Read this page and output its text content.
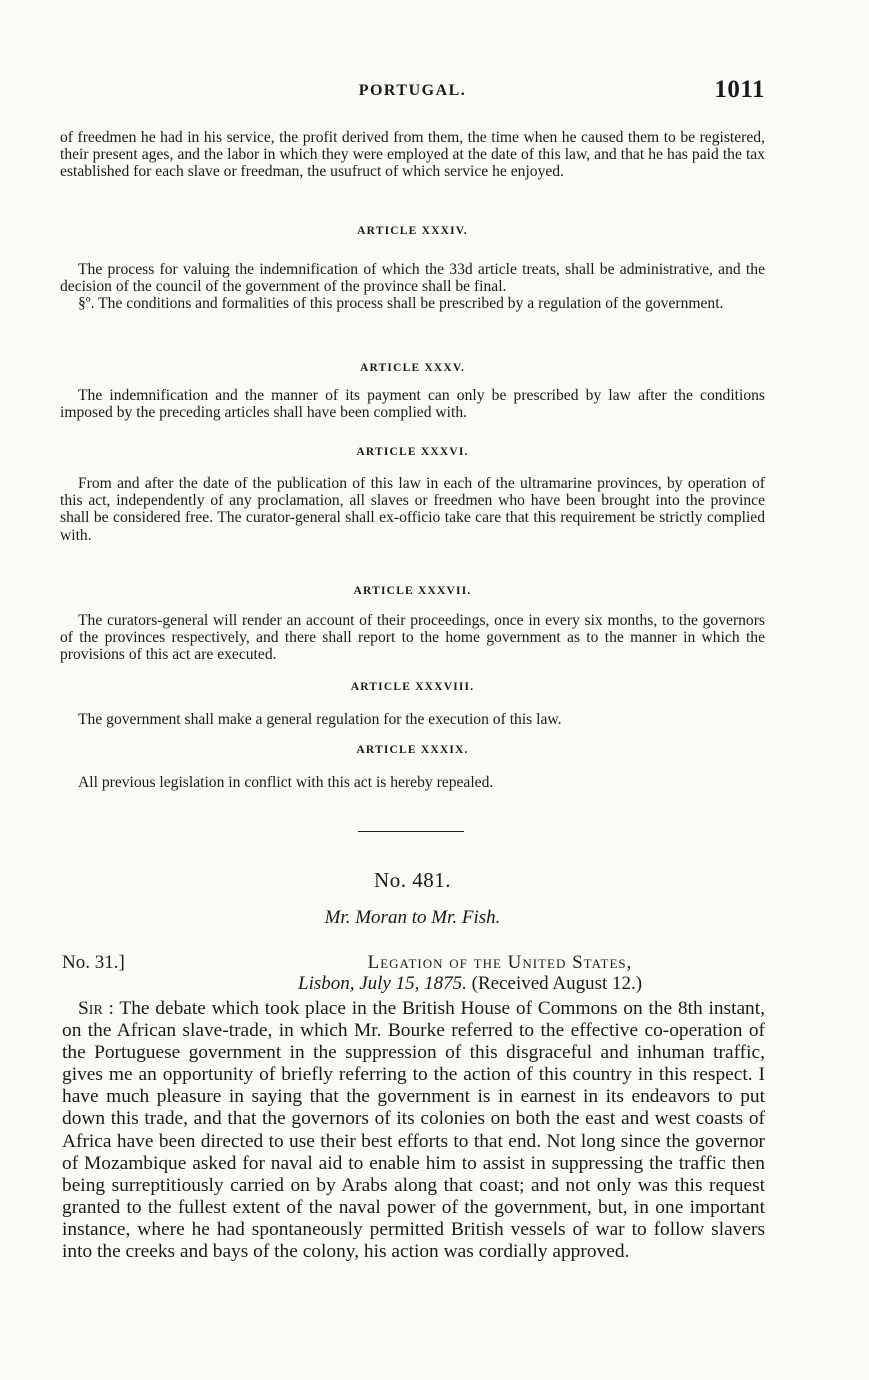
PORTUGAL.	1011

of freedmen he had in his service, the profit derived from them, the time when he caused them to be registered, their present ages, and the labor in which they were employed at the date of this law, and that he has paid the tax established for each slave or freedman, the usufruct of which service he enjoyed.

ARTICLE XXXIV.

The process for valuing the indemnification of which the 33d article treats, shall be administrative, and the decision of the council of the government of the province shall be final.

§º. The conditions and formalities of this process shall be prescribed by a regulation of the government.

ARTICLE XXXV.

The indemnification and the manner of its payment can only be prescribed by law after the conditions imposed by the preceding articles shall have been complied with.

ARTICLE XXXVI.

From and after the date of the publication of this law in each of the ultramarine provinces, by operation of this act, independently of any proclamation, all slaves or freedmen who have been brought into the province shall be considered free. The curator-general shall ex-officio take care that this requirement be strictly complied with.

ARTICLE XXXVII.

The curators-general will render an account of their proceedings, once in every six months, to the governors of the provinces respectively, and there shall report to the home government as to the manner in which the provisions of this act are executed.

ARTICLE XXXVIII.

The government shall make a general regulation for the execution of this law.

ARTICLE XXXIX.

All previous legislation in conflict with this act is hereby repealed.

No. 481.
Mr. Moran to Mr. Fish.
No. 31.]	Legation of the United States,
Lisbon, July 15, 1875. (Received August 12.)

Sir : The debate which took place in the British House of Commons on the 8th instant, on the African slave-trade, in which Mr. Bourke referred to the effective co-operation of the Portuguese government in the suppression of this disgraceful and inhuman traffic, gives me an opportunity of briefly referring to the action of this country in this respect. I have much pleasure in saying that the government is in earnest in its endeavors to put down this trade, and that the governors of its colonies on both the east and west coasts of Africa have been directed to use their best efforts to that end. Not long since the governor of Mozambique asked for naval aid to enable him to assist in suppressing the traffic then being surreptitiously carried on by Arabs along that coast; and not only was this request granted to the fullest extent of the naval power of the government, but, in one important instance, where he had spontaneously permitted British vessels of war to follow slavers into the creeks and bays of the colony, his action was cordially approved.
